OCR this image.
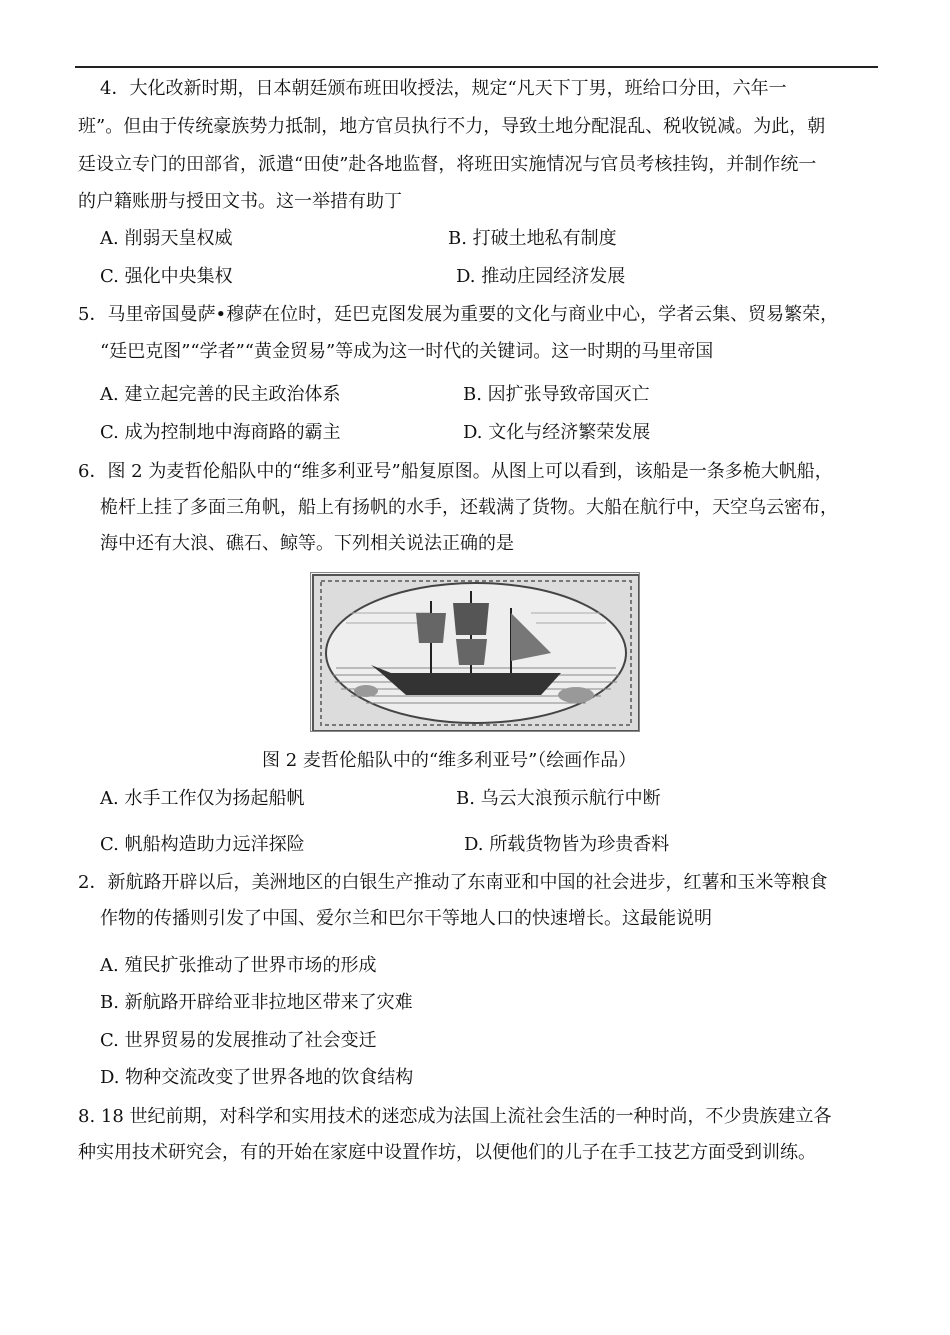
4．大化改新时期，日本朝廷颁布班田收授法，规定“凡天下丁男，班给口分田，六年一
班”。但由于传统豪族势力抵制，地方官员执行不力，导致土地分配混乱、税收锐减。为此，朝
廷设立专门的田部省，派遣“田使”赴各地监督，将班田实施情况与官员考核挂钩，并制作统一
的户籍账册与授田文书。这一举措有助丁
A. 削弱天皇权威	B. 打破土地私有制度
C. 强化中央集权	D. 推动庄园经济发展
5．马里帝国曼萨•穆萨在位时，廷巴克图发展为重要的文化与商业中心，学者云集、贸易繁荣，
“廷巴克图”“学者”“黄金贸易”等成为这一时代的关键词。这一时期的马里帝国
A. 建立起完善的民主政治体系	B. 因扩张导致帝国灭亡
C. 成为控制地中海商路的霸主	D. 文化与经济繁荣发展
6．图 2 为麦哲伦船队中的“维多利亚号”船复原图。从图上可以看到，该船是一条多桅大帆船，
桅杆上挂了多面三角帆，船上有扬帆的水手，还载满了货物。大船在航行中，天空乌云密布，
海中还有大浪、礁石、鲸等。下列相关说法正确的是
图 2 麦哲伦船队中的“维多利亚号”（绘画作品）
A. 水手工作仅为扬起船帆	B. 乌云大浪预示航行中断
C. 帆船构造助力远洋探险	D. 所载货物皆为珍贵香料
2．新航路开辟以后，美洲地区的白银生产推动了东南亚和中国的社会进步，红薯和玉米等粮食
作物的传播则引发了中国、爱尔兰和巴尔干等地人口的快速增长。这最能说明
A. 殖民扩张推动了世界市场的形成
B. 新航路开辟给亚非拉地区带来了灾难
C. 世界贸易的发展推动了社会变迁
D. 物种交流改变了世界各地的饮食结构
8. 18 世纪前期，对科学和实用技术的迷恋成为法国上流社会生活的一种时尚，不少贵族建立各
种实用技术研究会，有的开始在家庭中设置作坊，以便他们的儿子在手工技艺方面受到训练。
